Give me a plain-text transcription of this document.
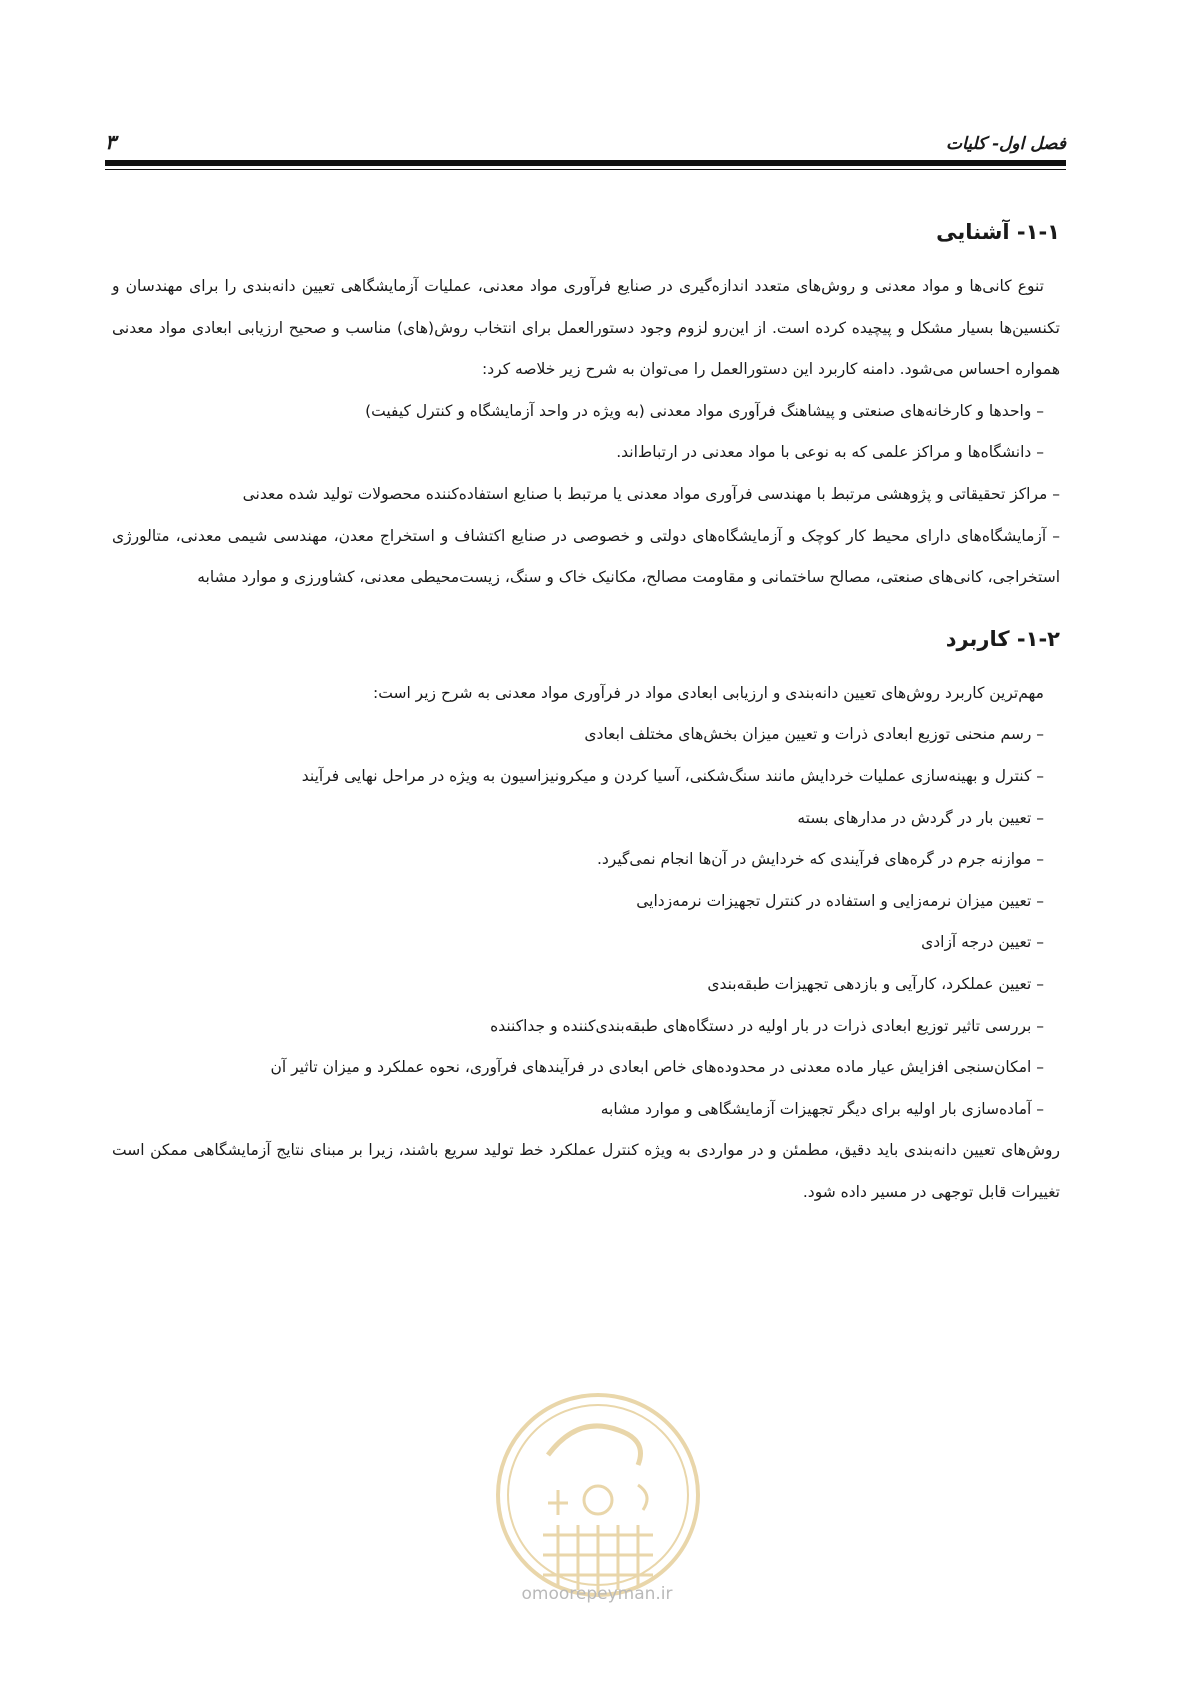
فصل اول- کلیات
۳
۱-۱- آشنایی

تنوع کانی‌ها و مواد معدنی و روش‌های متعدد اندازه‌گیری در صنایع فرآوری مواد معدنی، عملیات آزمایشگاهی تعیین دانه‌بندی را برای مهندسان و تکنسین‌ها بسیار مشکل و پیچیده کرده است. از این‌رو لزوم وجود دستورالعمل برای انتخاب روش(های) مناسب و صحیح ارزیابی ابعادی مواد معدنی همواره احساس می‌شود. دامنه کاربرد این دستورالعمل را می‌توان به شرح زیر خلاصه کرد:

– واحدها و کارخانه‌های صنعتی و پیشاهنگ فرآوری مواد معدنی (به ویژه در واحد آزمایشگاه و کنترل کیفیت)

– دانشگاه‌ها و مراکز علمی که به نوعی با مواد معدنی در ارتباط‌اند.

– مراکز تحقیقاتی و پژوهشی مرتبط با مهندسی فرآوری مواد معدنی یا مرتبط با صنایع استفاده‌کننده محصولات تولید شده معدنی

– آزمایشگاه‌های دارای محیط کار کوچک و آزمایشگاه‌های دولتی و خصوصی در صنایع اکتشاف و استخراج معدن، مهندسی شیمی معدنی، متالورژی استخراجی، کانی‌های صنعتی، مصالح ساختمانی و مقاومت مصالح، مکانیک خاک و سنگ، زیست‌محیطی معدنی، کشاورزی و موارد مشابه

۱-۲- کاربرد

مهم‌ترین کاربرد روش‌های تعیین دانه‌بندی و ارزیابی ابعادی مواد در فرآوری مواد معدنی به شرح زیر است:

– رسم منحنی توزیع ابعادی ذرات و تعیین میزان بخش‌های مختلف ابعادی

– کنترل و بهینه‌سازی عملیات خردایش مانند سنگ‌شکنی، آسیا کردن و میکرونیزاسیون به ویژه در مراحل نهایی فرآیند

– تعیین بار در گردش در مدارهای بسته

– موازنه جرم در گره‌های فرآیندی که خردایش در آن‌ها انجام نمی‌گیرد.

– تعیین میزان نرمه‌زایی و استفاده در کنترل تجهیزات نرمه‌زدایی

– تعیین درجه آزادی

– تعیین عملکرد، کارآیی و بازدهی تجهیزات طبقه‌بندی

– بررسی تاثیر توزیع ابعادی ذرات در بار اولیه در دستگاه‌های طبقه‌بندی‌کننده و جداکننده

– امکان‌سنجی افزایش عیار ماده معدنی در محدوده‌های خاص ابعادی در فرآیندهای فرآوری، نحوه عملکرد و میزان تاثیر آن

– آماده‌سازی بار اولیه برای دیگر تجهیزات آزمایشگاهی و موارد مشابه

روش‌های تعیین دانه‌بندی باید دقیق، مطمئن و در مواردی به ویژه کنترل عملکرد خط تولید سریع باشند، زیرا بر مبنای نتایج آزمایشگاهی ممکن است تغییرات قابل توجهی در مسیر داده شود.

omoorepeyman.ir
